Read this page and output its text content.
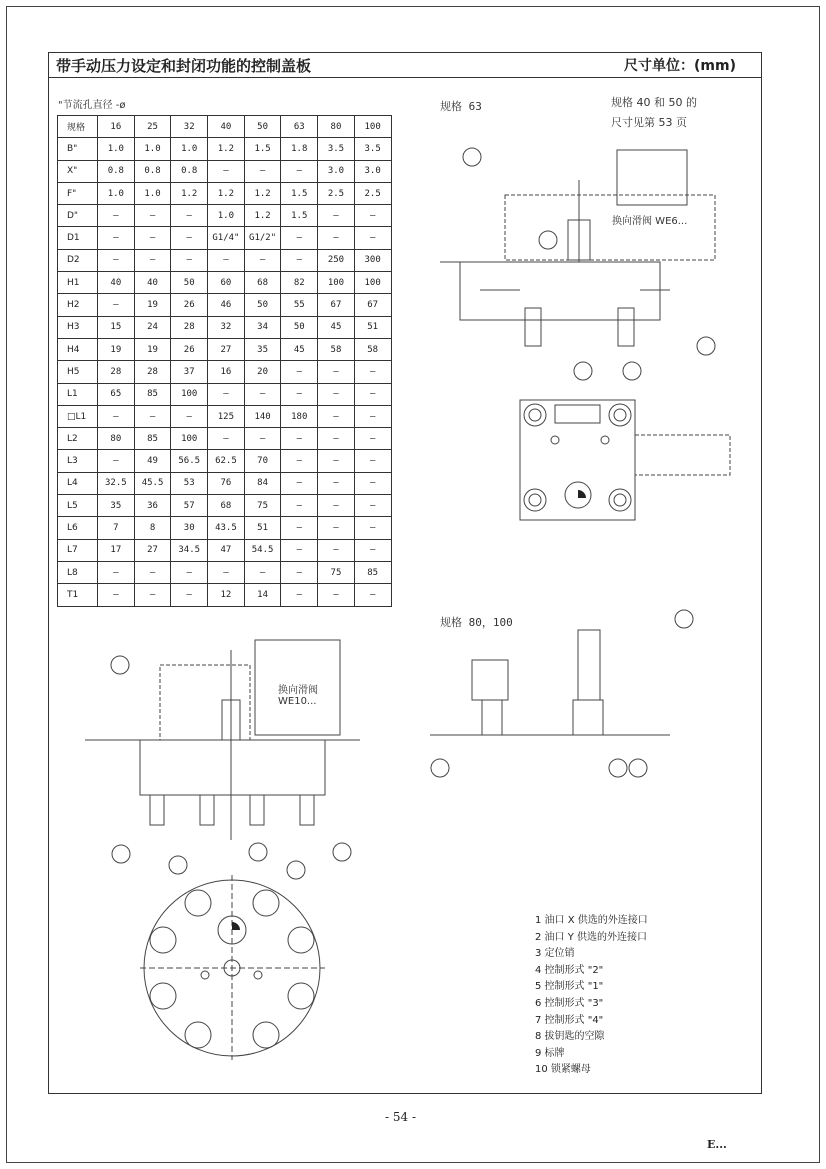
带手动压力设定和封闭功能的控制盖板	尺寸单位：(mm)
"节流孔直径 -ø
规格	16	25	32	40	50	63	80	100
B"	1.0	1.0	1.0	1.2	1.5	1.8	3.5	3.5
X"	0.8	0.8	0.8	–	–	–	3.0	3.0
F"	1.0	1.0	1.2	1.2	1.2	1.5	2.5	2.5
D"	–	–	–	1.0	1.2	1.5	–	–
D1	–	–	–	G1/4"	G1/2"	–	–	–
D2	–	–	–	–	–	–	250	300
H1	40	40	50	60	68	82	100	100
H2	–	19	26	46	50	55	67	67
H3	15	24	28	32	34	50	45	51
H4	19	19	26	27	35	45	58	58
H5	28	28	37	16	20	–	–	–
L1	65	85	100	–	–	–	–	–
□L1	–	–	–	125	140	180	–	–
L2	80	85	100	–	–	–	–	–
L3	–	49	56.5	62.5	70	–	–	–
L4	32.5	45.5	53	76	84	–	–	–
L5	35	36	57	68	75	–	–	–
L6	7	8	30	43.5	51	–	–	–
L7	17	27	34.5	47	54.5	–	–	–
L8	–	–	–	–	–	–	75	85
T1	–	–	–	12	14	–	–	–
规格 63	规格 40 和 50 的
尺寸见第 53 页
换向滑阀 WE6...
规格 80，100
换向滑阀
WE10...
1 油口 X 供选的外连接口
2 油口 Y 供选的外连接口
3 定位销
4 控制形式 "2"
5 控制形式 "1"
6 控制形式 "3"
7 控制形式 "4"
8 拔钥匙的空隙
9 标牌
10 锁紧螺母
- 54 -
E...
